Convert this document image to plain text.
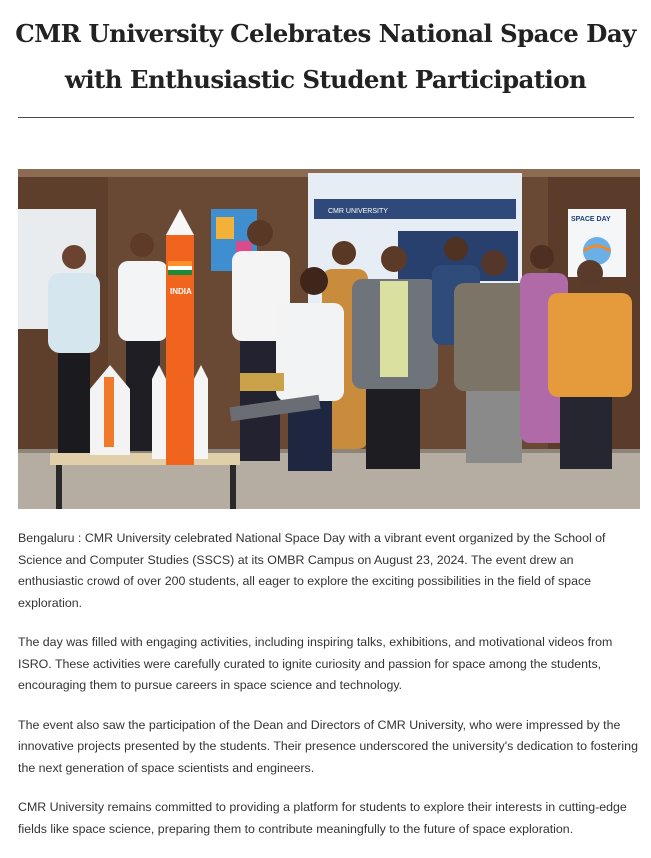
CMR University Celebrates National Space Day
with Enthusiastic Student Participation
CMR UNIVERSITY
SPACE DAY
INDIA

Bengaluru : CMR University celebrated National Space Day with a vibrant event organized by the School of Science and Computer Studies (SSCS) at its OMBR Campus on August 23, 2024. The event drew an enthusiastic crowd of over 200 students, all eager to explore the exciting possibilities in the field of space exploration.

The day was filled with engaging activities, including inspiring talks, exhibitions, and motivational videos from ISRO. These activities were carefully curated to ignite curiosity and passion for space among the students, encouraging them to pursue careers in space science and technology.

The event also saw the participation of the Dean and Directors of CMR University, who were impressed by the innovative projects presented by the students. Their presence underscored the university's dedication to fostering the next generation of space scientists and engineers.

CMR University remains committed to providing a platform for students to explore their interests in cutting-edge fields like space science, preparing them to contribute meaningfully to the future of space exploration.
